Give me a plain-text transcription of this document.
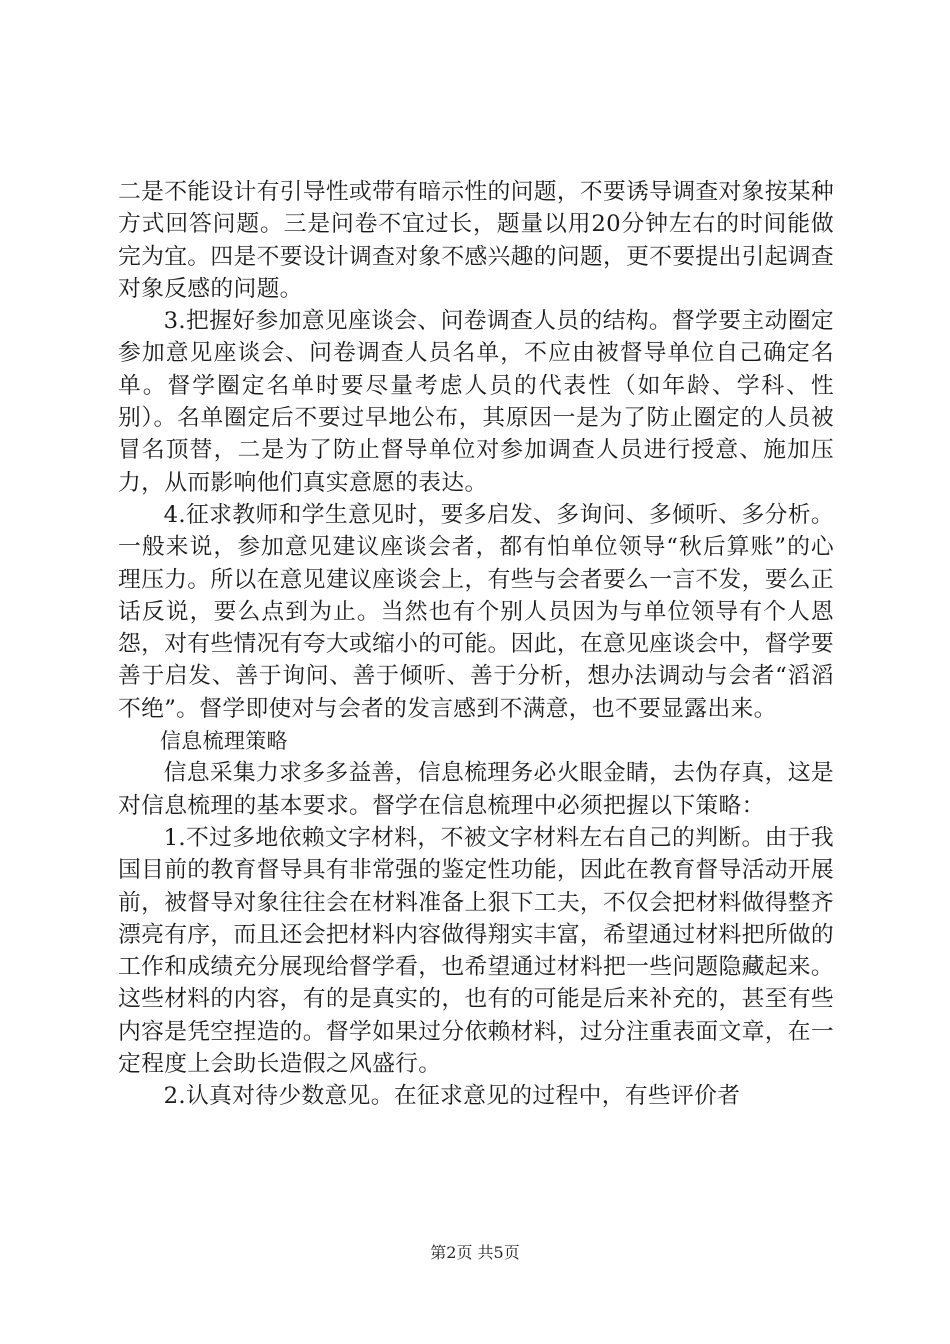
二是不能设计有引导性或带有暗示性的问题，不要诱导调查对象按某种方式回答问题。三是问卷不宜过长，题量以用20分钟左右的时间能做完为宜。四是不要设计调查对象不感兴趣的问题，更不要提出引起调查对象反感的问题。

3.把握好参加意见座谈会、问卷调查人员的结构。督学要主动圈定参加意见座谈会、问卷调查人员名单，不应由被督导单位自己确定名单。督学圈定名单时要尽量考虑人员的代表性（如年龄、学科、性别）。名单圈定后不要过早地公布，其原因一是为了防止圈定的人员被冒名顶替，二是为了防止督导单位对参加调查人员进行授意、施加压力，从而影响他们真实意愿的表达。

4.征求教师和学生意见时，要多启发、多询问、多倾听、多分析。一般来说，参加意见建议座谈会者，都有怕单位领导“秋后算账”的心理压力。所以在意见建议座谈会上，有些与会者要么一言不发，要么正话反说，要么点到为止。当然也有个别人员因为与单位领导有个人恩怨，对有些情况有夸大或缩小的可能。因此，在意见座谈会中，督学要善于启发、善于询问、善于倾听、善于分析，想办法调动与会者“滔滔不绝”。督学即使对与会者的发言感到不满意，也不要显露出来。

信息梳理策略

信息采集力求多多益善，信息梳理务必火眼金睛，去伪存真，这是对信息梳理的基本要求。督学在信息梳理中必须把握以下策略：

1.不过多地依赖文字材料，不被文字材料左右自己的判断。由于我国目前的教育督导具有非常强的鉴定性功能，因此在教育督导活动开展前，被督导对象往往会在材料准备上狠下工夫，不仅会把材料做得整齐漂亮有序，而且还会把材料内容做得翔实丰富，希望通过材料把所做的工作和成绩充分展现给督学看，也希望通过材料把一些问题隐藏起来。这些材料的内容，有的是真实的，也有的可能是后来补充的，甚至有些内容是凭空捏造的。督学如果过分依赖材料，过分注重表面文章，在一定程度上会助长造假之风盛行。

2.认真对待少数意见。在征求意见的过程中，有些评价者

第2页 共5页
